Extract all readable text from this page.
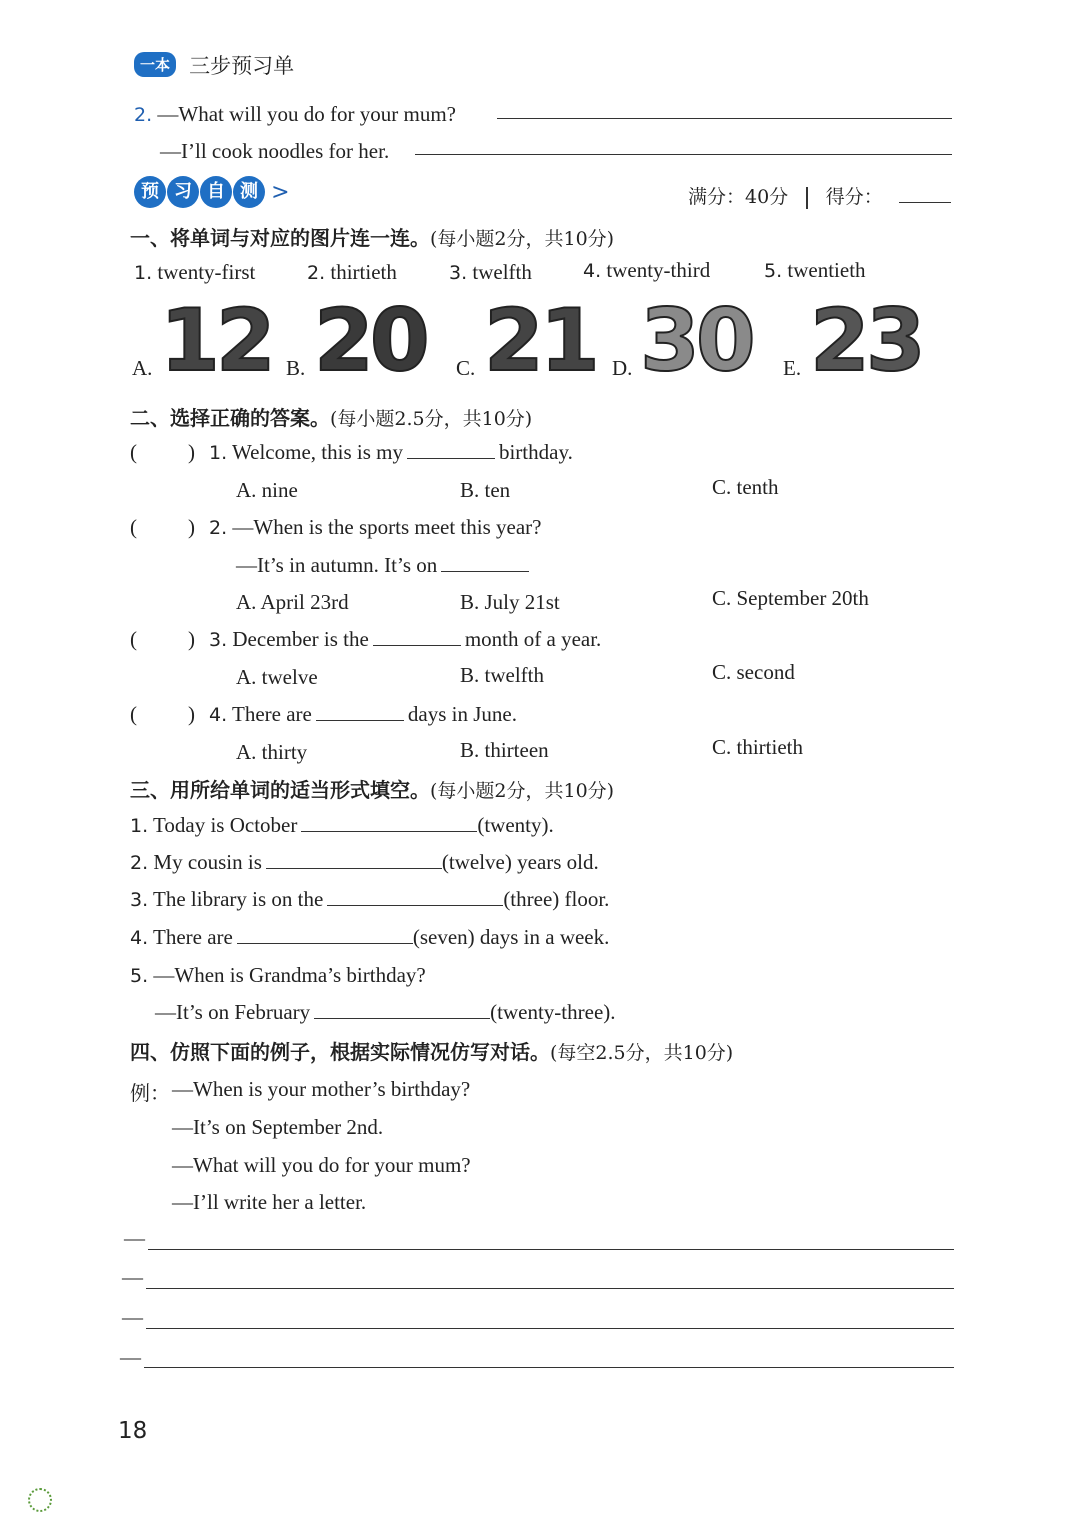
一本 三步预习单
2. —What will you do for your mum?
—I’ll cook noodles for her.
预 习 自 测 >	满分：40分 得分：
一、将单词与对应的图片连一连。(每小题2分，共10分)
1. twenty-first	2. thirtieth	3. twelfth	4. twenty-third	5. twentieth
A. 12 B. 20 C. 21 D. 30 E. 23
二、选择正确的答案。(每小题2.5分，共10分)
( ) 1. Welcome, this is my	birthday.
A. nine	B. ten	C. tenth
( ) 2. —When is the sports meet this year?
—It’s in autumn. It’s on
A. April 23rd	B. July 21st	C. September 20th
( ) 3. December is the	month of a year.
A. twelve	B. twelfth	C. second
( ) 4. There are	days in June.
A. thirty	B. thirteen	C. thirtieth
三、用所给单词的适当形式填空。(每小题2分，共10分)
1. Today is October	(twenty).
2. My cousin is	(twelve) years old.
3. The library is on the	(three) floor.
4. There are	(seven) days in a week.
5. —When is Grandma’s birthday?
—It’s on February	(twenty-three).
四、仿照下面的例子，根据实际情况仿写对话。(每空2.5分，共10分)
例： —When is your mother’s birthday?
—It’s on September 2nd.
—What will you do for your mum?
—I’ll write her a letter.
—
—
—
—
18
